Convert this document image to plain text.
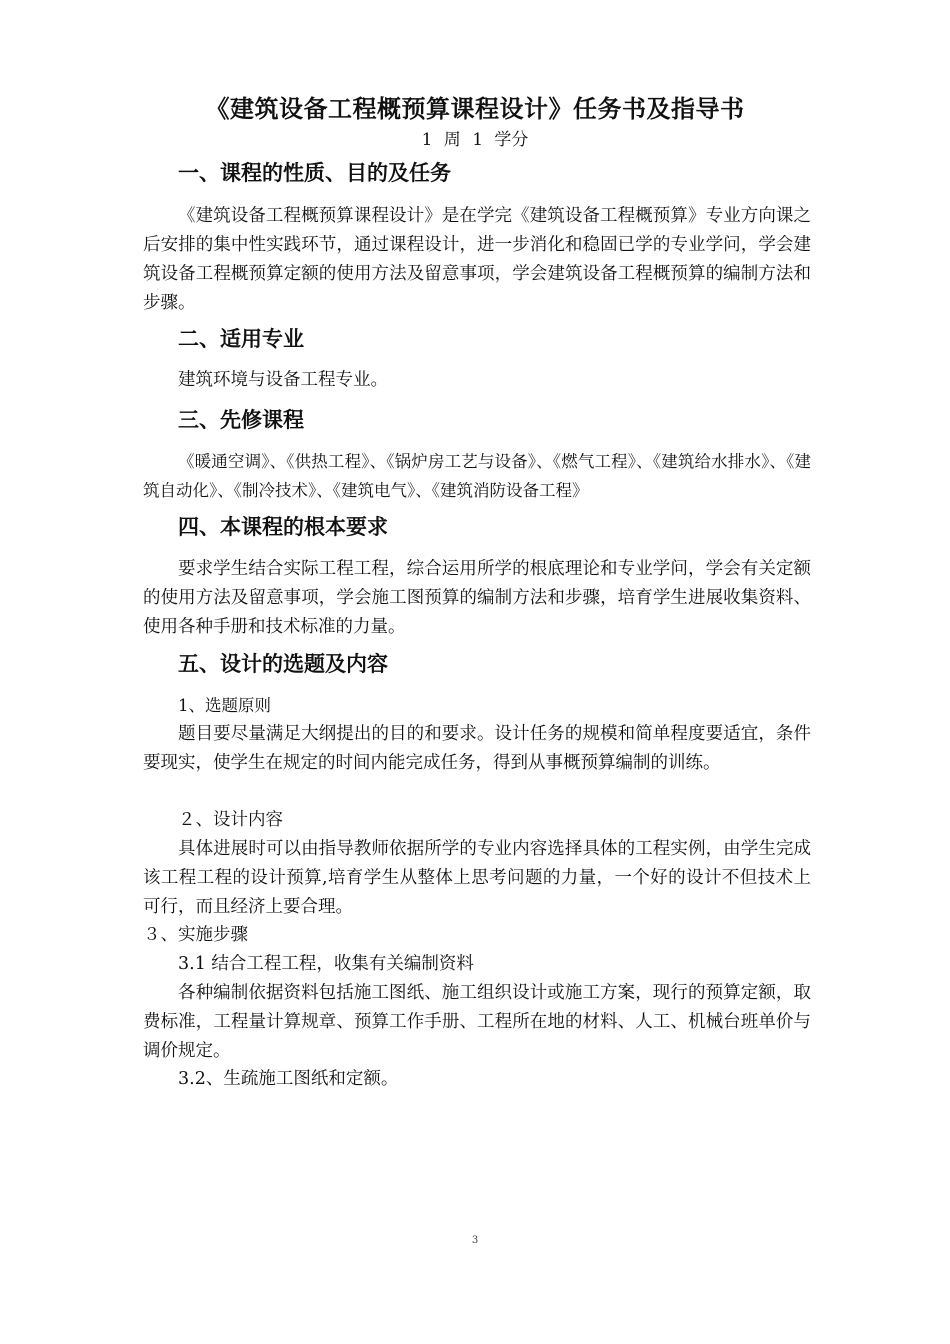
《建筑设备工程概预算课程设计》任务书及指导书
1 周 1 学分
一、课程的性质、目的及任务

《建筑设备工程概预算课程设计》是在学完《建筑设备工程概预算》专业方向课之后安排的集中性实践环节，通过课程设计，进一步消化和稳固已学的专业学问，学会建筑设备工程概预算定额的使用方法及留意事项，学会建筑设备工程概预算的编制方法和步骤。

二、适用专业

建筑环境与设备工程专业。

三、先修课程

《暖通空调》、《供热工程》、《锅炉房工艺与设备》、《燃气工程》、《建筑给水排水》、《建筑自动化》、《制冷技术》、《建筑电气》、《建筑消防设备工程》

四、本课程的根本要求

要求学生结合实际工程工程，综合运用所学的根底理论和专业学问，学会有关定额的使用方法及留意事项，学会施工图预算的编制方法和步骤，培育学生进展收集资料、使用各种手册和技术标准的力量。

五、设计的选题及内容
1、选题原则

题目要尽量满足大纲提出的目的和要求。设计任务的规模和简单程度要适宜，条件要现实，使学生在规定的时间内能完成任务，得到从事概预算编制的训练。

２、设计内容

具体进展时可以由指导教师依据所学的专业内容选择具体的工程实例，由学生完成该工程工程的设计预算,培育学生从整体上思考问题的力量，一个好的设计不但技术上可行，而且经济上要合理。

３、实施步骤
3.1 结合工程工程，收集有关编制资料

各种编制依据资料包括施工图纸、施工组织设计或施工方案，现行的预算定额，取费标准，工程量计算规章、预算工作手册、工程所在地的材料、人工、机械台班单价与调价规定。

3.2、生疏施工图纸和定额。
3
